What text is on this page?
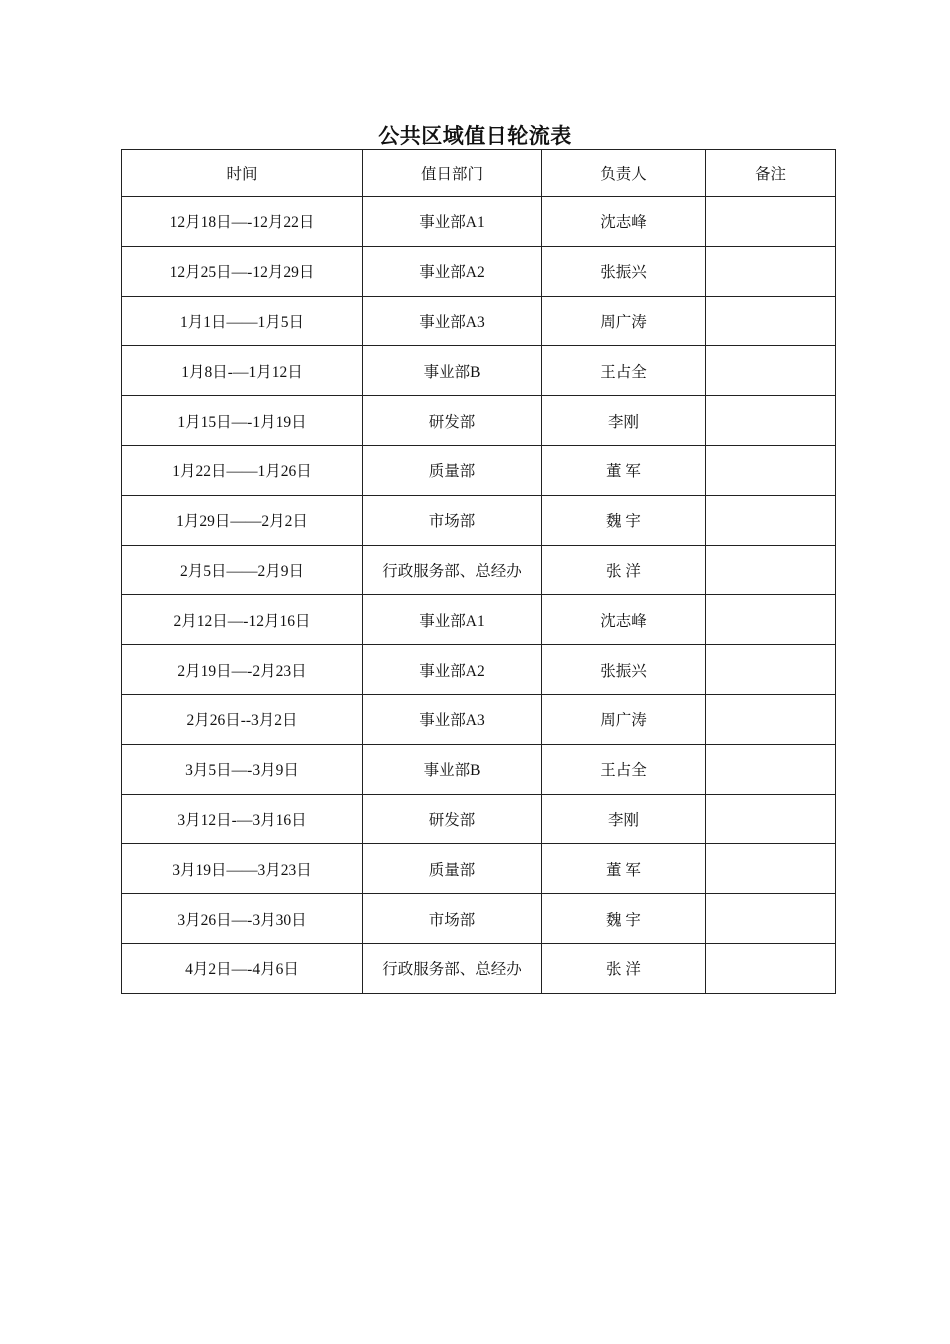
公共区域值日轮流表
时间	值日部门	负责人	备注
12月18日—-12月22日	事业部A1	沈志峰	
12月25日—-12月29日	事业部A2	张振兴	
1月1日——1月5日	事业部A3	周广涛	
1月8日-—1月12日	事业部B	王占全	
1月15日—-1月19日	研发部	李刚	
1月22日——1月26日	质量部	董 军	
1月29日——2月2日	市场部	魏 宇	
2月5日——2月9日	行政服务部、总经办	张 洋	
2月12日—-12月16日	事业部A1	沈志峰	
2月19日—-2月23日	事业部A2	张振兴	
2月26日--3月2日	事业部A3	周广涛	
3月5日—-3月9日	事业部B	王占全	
3月12日-—3月16日	研发部	李刚	
3月19日——3月23日	质量部	董 军	
3月26日—-3月30日	市场部	魏 宇	
4月2日—-4月6日	行政服务部、总经办	张 洋	
